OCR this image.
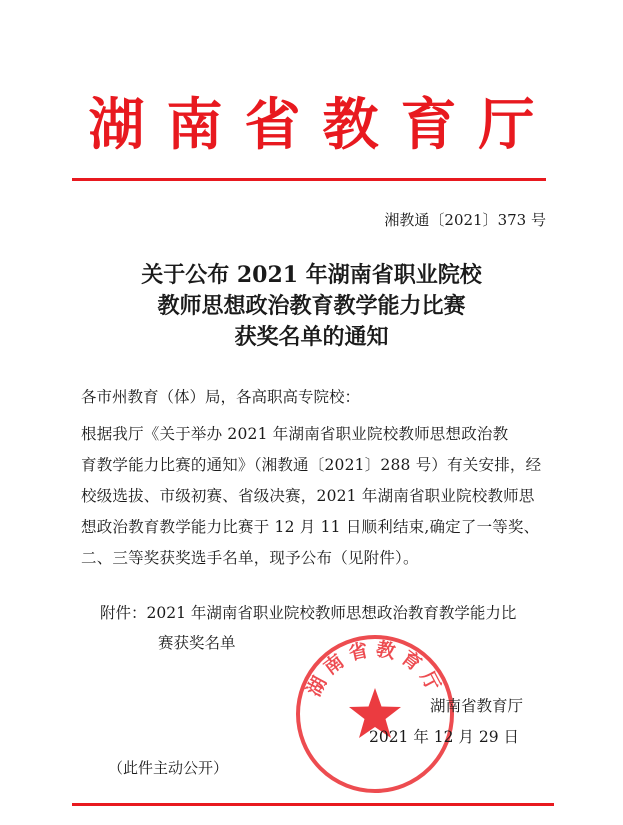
湖南省教育厅
湘教通〔2021〕373 号
关于公布 2021 年湖南省职业院校
教师思想政治教育教学能力比赛
获奖名单的通知
各市州教育（体）局，各高职高专院校：
根据我厅《关于举办 2021 年湖南省职业院校教师思想政治教
育教学能力比赛的通知》（湘教通〔2021〕288 号）有关安排，经
校级选拔、市级初赛、省级决赛，2021 年湖南省职业院校教师思
想政治教育教学能力比赛于 12 月 11 日顺利结束,确定了一等奖、
二、三等奖获奖选手名单，现予公布（见附件）。
附件：2021 年湖南省职业院校教师思想政治教育教学能力比
赛获奖名单
湖南省教育厅
湖南省教育厅
2021 年 12 月 29 日
（此件主动公开）
